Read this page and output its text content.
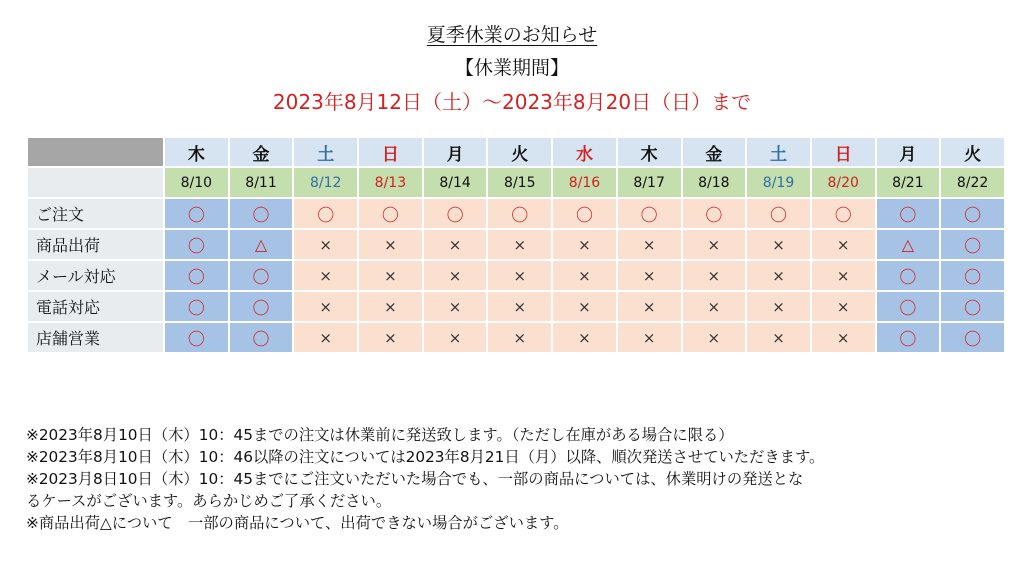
夏季休業のお知らせ
【休業期間】
2023年8月12日（土）～2023年8月20日（日）まで
	木	金	土	日	月	火	水	木	金	土	日	月	火
	8/10	8/11	8/12	8/13	8/14	8/15	8/16	8/17	8/18	8/19	8/20	8/21	8/22
ご注文	〇	〇	〇	〇	〇	〇	〇	〇	〇	〇	〇	〇	〇
商品出荷	〇	△	×	×	×	×	×	×	×	×	×	△	〇
メール対応	〇	〇	×	×	×	×	×	×	×	×	×	〇	〇
電話対応	〇	〇	×	×	×	×	×	×	×	×	×	〇	〇
店舗営業	〇	〇	×	×	×	×	×	×	×	×	×	〇	〇
※2023年8月10日（木）10：45までの注文は休業前に発送致します。（ただし在庫がある場合に限る）
※2023年8月10日（木）10：46以降の注文については2023年8月21日（月）以降、順次発送させていただきます。
※2023月8日10日（木）10：45までにご注文いただいた場合でも、一部の商品については、休業明けの発送とな
るケースがございます。あらかじめご了承ください。
※商品出荷△について　一部の商品について、出荷できない場合がございます。
